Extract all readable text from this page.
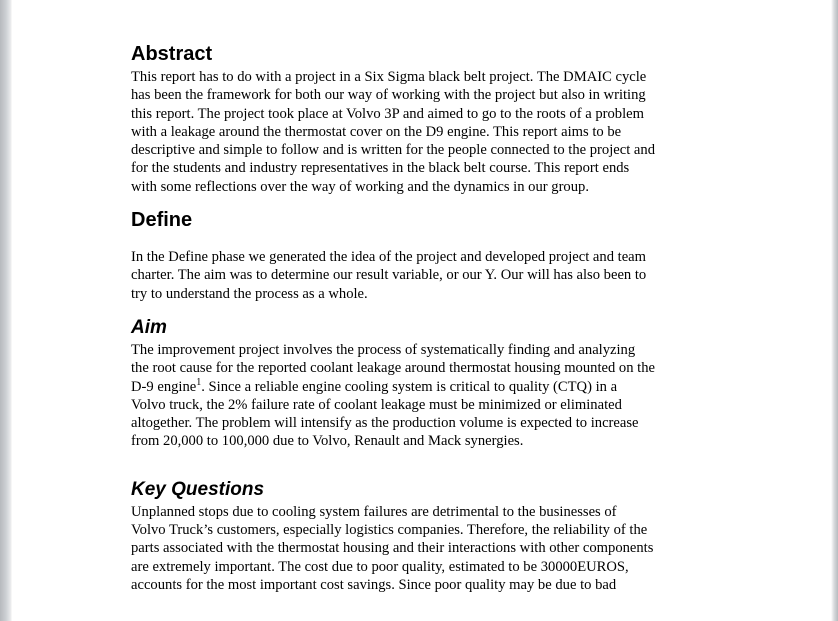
Abstract

This report has to do with a project in a Six Sigma black belt project. The DMAIC cycle
has been the framework for both our way of working with the project but also in writing
this report. The project took place at Volvo 3P and aimed to go to the roots of a problem
with a leakage around the thermostat cover on the D9 engine. This report aims to be
descriptive and simple to follow and is written for the people connected to the project and
for the students and industry representatives in the black belt course. This report ends
with some reflections over the way of working and the dynamics in our group.

Define

In the Define phase we generated the idea of the project and developed project and team
charter. The aim was to determine our result variable, or our Y. Our will has also been to
try to understand the process as a whole.

Aim

The improvement project involves the process of systematically finding and analyzing
the root cause for the reported coolant leakage around thermostat housing mounted on the
D-9 engine$^1$. Since a reliable engine cooling system is critical to quality (CTQ) in a
Volvo truck, the 2% failure rate of coolant leakage must be minimized or eliminated
altogether. The problem will intensify as the production volume is expected to increase
from 20,000 to 100,000 due to Volvo, Renault and Mack synergies.

Key Questions

Unplanned stops due to cooling system failures are detrimental to the businesses of
Volvo Truck’s customers, especially logistics companies. Therefore, the reliability of the
parts associated with the thermostat housing and their interactions with other components
are extremely important. The cost due to poor quality, estimated to be 30000EUROS,
accounts for the most important cost savings. Since poor quality may be due to bad
